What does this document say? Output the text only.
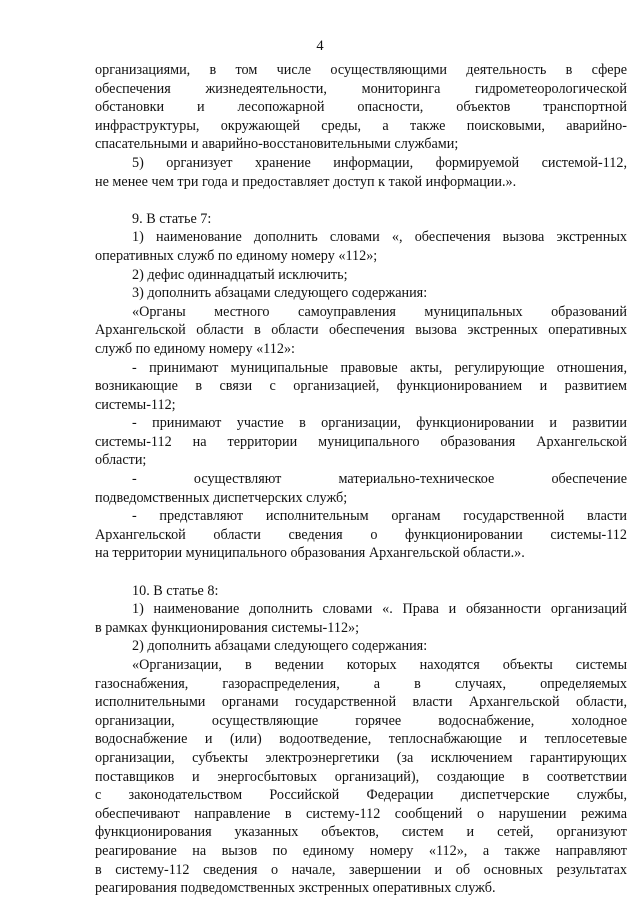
4
организациями, в том числе осуществляющими деятельность в сфере
обеспечения жизнедеятельности, мониторинга гидрометеорологической
обстановки и лесопожарной опасности, объектов транспортной
инфраструктуры, окружающей среды, а также поисковыми, аварийно-
спасательными и аварийно-восстановительными службами;
5) организует хранение информации, формируемой системой-112,
не менее чем три года и предоставляет доступ к такой информации.».
9. В статье 7:
1) наименование дополнить словами «, обеспечения вызова экстренных
оперативных служб по единому номеру «112»;
2) дефис одиннадцатый исключить;
3) дополнить абзацами следующего содержания:
«Органы местного самоуправления муниципальных образований
Архангельской области в области обеспечения вызова экстренных оперативных
служб по единому номеру «112»:
- принимают муниципальные правовые акты, регулирующие отношения,
возникающие в связи с организацией, функционированием и развитием
системы-112;
- принимают участие в организации, функционировании и развитии
системы-112 на территории муниципального образования Архангельской
области;
- осуществляют материально-техническое обеспечение
подведомственных диспетчерских служб;
- представляют исполнительным органам государственной власти
Архангельской области сведения о функционировании системы-112
на территории муниципального образования Архангельской области.».
10. В статье 8:
1) наименование дополнить словами «. Права и обязанности организаций
в рамках функционирования системы-112»;
2) дополнить абзацами следующего содержания:
«Организации, в ведении которых находятся объекты системы
газоснабжения, газораспределения, а в случаях, определяемых
исполнительными органами государственной власти Архангельской области,
организации, осуществляющие горячее водоснабжение, холодное
водоснабжение и (или) водоотведение, теплоснабжающие и теплосетевые
организации, субъекты электроэнергетики (за исключением гарантирующих
поставщиков и энергосбытовых организаций), создающие в соответствии
с законодательством Российской Федерации диспетчерские службы,
обеспечивают направление в систему-112 сообщений о нарушении режима
функционирования указанных объектов, систем и сетей, организуют
реагирование на вызов по единому номеру «112», а также направляют
в систему-112 сведения о начале, завершении и об основных результатах
реагирования подведомственных экстренных оперативных служб.
